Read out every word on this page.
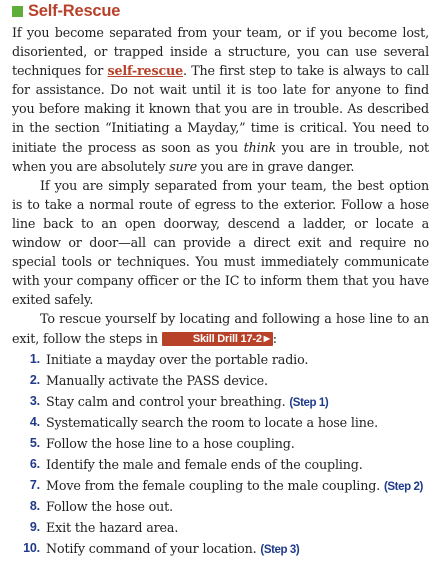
Self-Rescue

If you become separated from your team, or if you become lost, disoriented, or trapped inside a structure, you can use several techniques for self-rescue. The first step to take is always to call for assistance. Do not wait until it is too late for anyone to find you before making it known that you are in trouble. As described in the section “Initiating a Mayday,” time is critical. You need to initiate the process as soon as you think you are in trouble, not when you are absolutely sure you are in grave danger.

If you are simply separated from your team, the best option is to take a normal route of egress to the exterior. Follow a hose line back to an open doorway, descend a ladder, or locate a window or door—all can provide a direct exit and require no special tools or techniques. You must immediately communicate with your company officer or the IC to inform them that you have exited safely.

To rescue yourself by locating and following a hose line to an exit, follow the steps in	Skill Drill 17-2 ▶ :

1. Initiate a mayday over the portable radio.
2. Manually activate the PASS device.
3. Stay calm and control your breathing. (Step 1)
4. Systematically search the room to locate a hose line.
5. Follow the hose line to a hose coupling.
6. Identify the male and female ends of the coupling.
7. Move from the female coupling to the male coupling. (Step 2)
8. Follow the hose out.
9. Exit the hazard area.
10. Notify command of your location. (Step 3)
